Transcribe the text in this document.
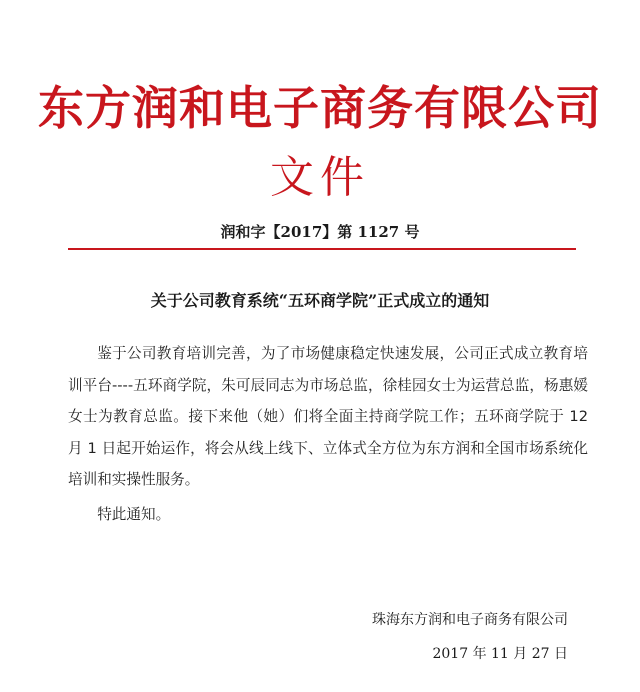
东方润和电子商务有限公司
文件
润和字【2017】第 1127 号
关于公司教育系统“五环商学院”正式成立的通知

鉴于公司教育培训完善，为了市场健康稳定快速发展，公司正式成立教育培训平台----五环商学院，朱可辰同志为市场总监，徐桂园女士为运营总监，杨惠媛女士为教育总监。接下来他（她）们将全面主持商学院工作；五环商学院于 12 月 1 日起开始运作，将会从线上线下、立体式全方位为东方润和全国市场系统化培训和实操性服务。

特此通知。
珠海东方润和电子商务有限公司
2017 年 11 月 27 日
